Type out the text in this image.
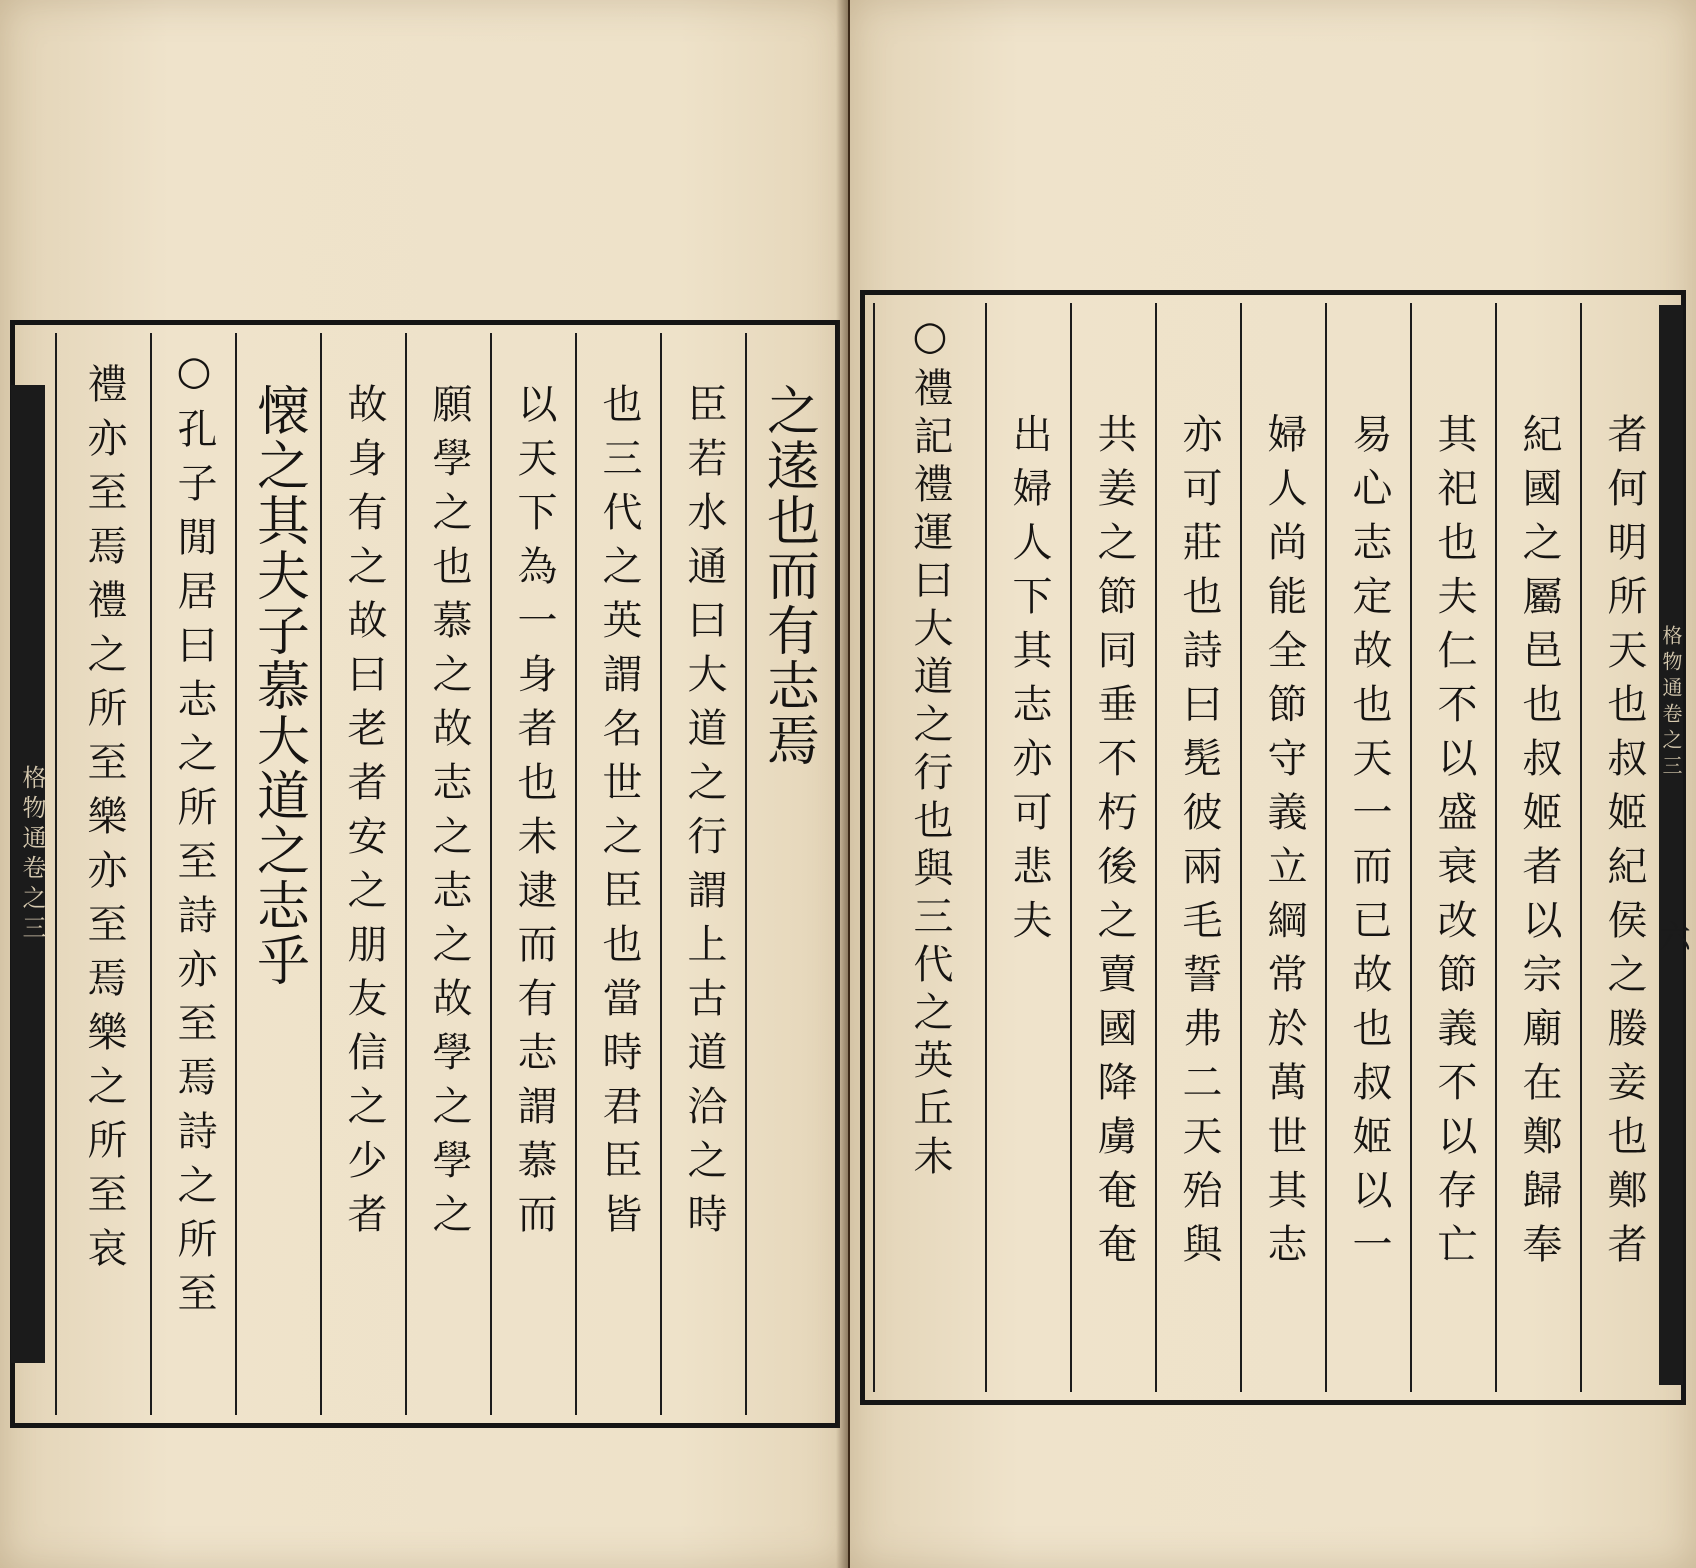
格物通卷之三
之逺也而有志焉
臣若水通曰大道之行謂上古道洽之時
也三代之英謂名世之臣也當時君臣皆
以天下為一身者也未逮而有志謂慕而
願學之也慕之故志之志之故學之學之
故身有之故曰老者安之朋友信之少者
懐之其夫子慕大道之志乎
○孔子閒居曰志之所至詩亦至焉詩之所至
禮亦至焉禮之所至樂亦至焉樂之所至哀	者何明所天也叔姬紀侯之媵妾也鄭者
紀國之屬邑也叔姬者以宗廟在鄭歸奉
其祀也夫仁不以盛衰改節義不以存亡
易心志定故也天一而已故也叔姬以一
婦人尚能全節守義立綱常於萬世其志
亦可莊也詩曰髧彼兩毛誓弗二天殆與
共姜之節同垂不朽後之賣國降虜奄奄
出婦人下其志亦可悲夫
○禮記禮運曰大道之行也與三代之英丘未	格物通卷之三
六
